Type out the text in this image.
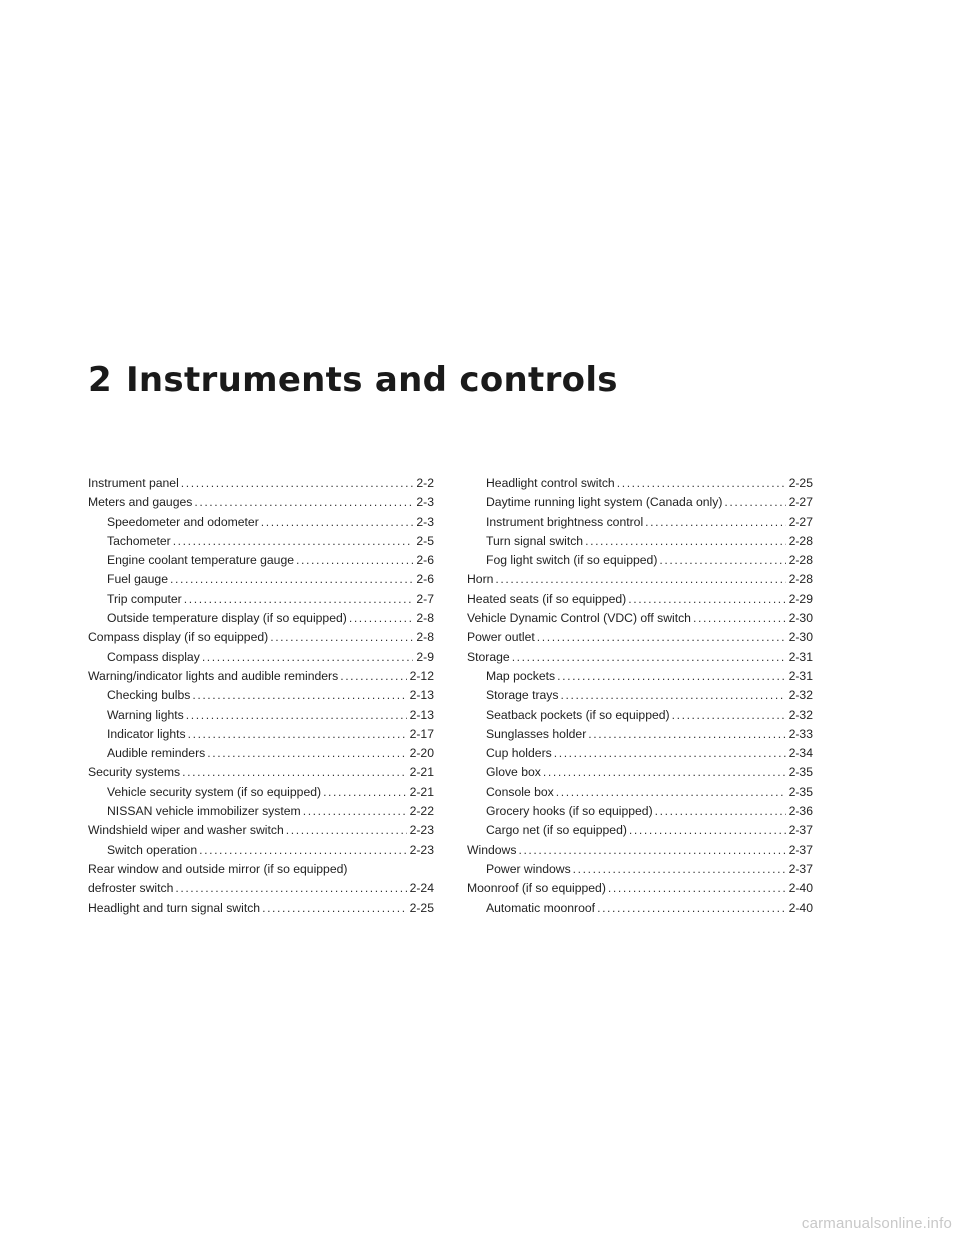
2 Instruments and controls
Instrument panel .....	2-2
Meters and gauges .....	2-3
Speedometer and odometer .....	2-3
Tachometer .....	2-5
Engine coolant temperature gauge .....	2-6
Fuel gauge .....	2-6
Trip computer .....	2-7
Outside temperature display (if so equipped) .....	2-8
Compass display (if so equipped) .....	2-8
Compass display .....	2-9
Warning/indicator lights and audible reminders .....	2-12
Checking bulbs .....	2-13
Warning lights .....	2-13
Indicator lights .....	2-17
Audible reminders .....	2-20
Security systems .....	2-21
Vehicle security system (if so equipped) .....	2-21
NISSAN vehicle immobilizer system .....	2-22
Windshield wiper and washer switch .....	2-23
Switch operation .....	2-23
Rear window and outside mirror (if so equipped)
defroster switch .....	2-24
Headlight and turn signal switch .....	2-25
Headlight control switch .....	2-25
Daytime running light system (Canada only) .....	2-27
Instrument brightness control .....	2-27
Turn signal switch .....	2-28
Fog light switch (if so equipped) .....	2-28
Horn .....	2-28
Heated seats (if so equipped) .....	2-29
Vehicle Dynamic Control (VDC) off switch .....	2-30
Power outlet .....	2-30
Storage .....	2-31
Map pockets .....	2-31
Storage trays .....	2-32
Seatback pockets (if so equipped) .....	2-32
Sunglasses holder .....	2-33
Cup holders .....	2-34
Glove box .....	2-35
Console box .....	2-35
Grocery hooks (if so equipped) .....	2-36
Cargo net (if so equipped) .....	2-37
Windows .....	2-37
Power windows .....	2-37
Moonroof (if so equipped) .....	2-40
Automatic moonroof .....	2-40
carmanualsonline.info
